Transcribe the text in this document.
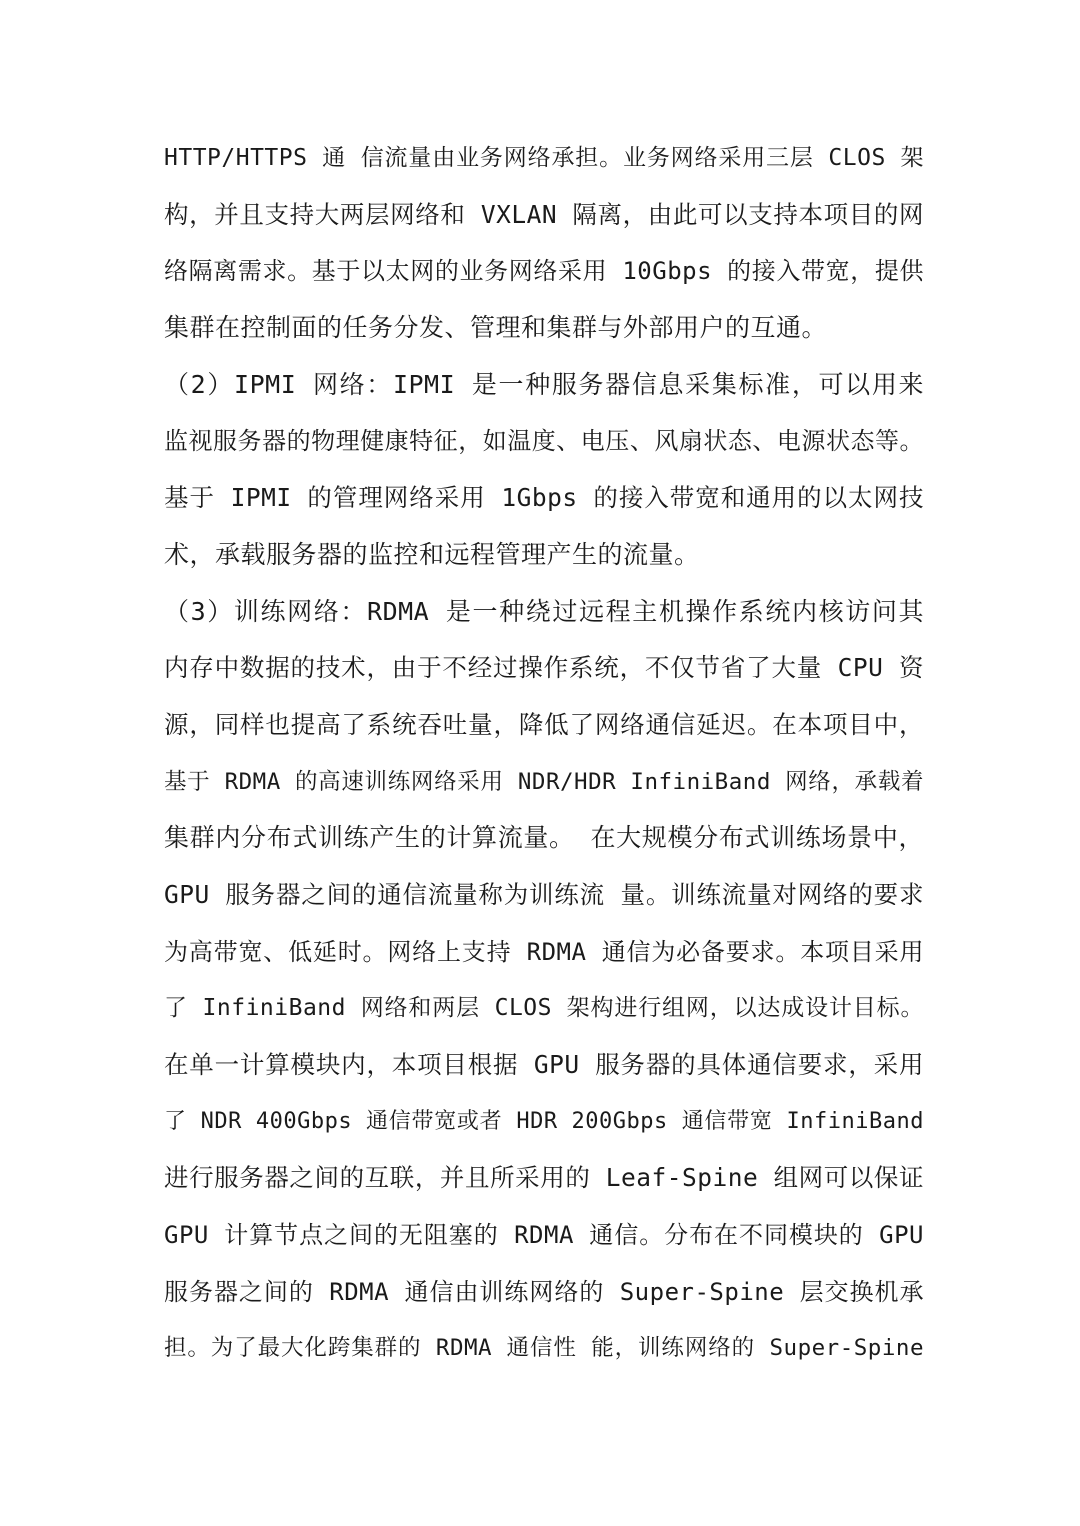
HTTP/HTTPS 通 信流量由业务网络承担。业务网络采用三层 CLOS 架
构，并且支持大两层网络和 VXLAN 隔离，由此可以支持本项目的网
络隔离需求。基于以太网的业务网络采用 10Gbps 的接入带宽，提供
集群在控制面的任务分发、管理和集群与外部用户的互通。
（2）IPMI 网络：IPMI 是一种服务器信息采集标准，可以用来
监视服务器的物理健康特征，如温度、电压、风扇状态、电源状态等。
基于 IPMI 的管理网络采用 1Gbps 的接入带宽和通用的以太网技
术，承载服务器的监控和远程管理产生的流量。
（3）训练网络：RDMA 是一种绕过远程主机操作系统内核访问其
内存中数据的技术，由于不经过操作系统，不仅节省了大量 CPU 资
源，同样也提高了系统吞吐量，降低了网络通信延迟。在本项目中，
基于 RDMA 的高速训练网络采用 NDR/HDR InfiniBand 网络，承载着
集群内分布式训练产生的计算流量。 在大规模分布式训练场景中，
GPU 服务器之间的通信流量称为训练流 量。训练流量对网络的要求
为高带宽、低延时。网络上支持 RDMA 通信为必备要求。本项目采用
了 InfiniBand 网络和两层 CLOS 架构进行组网，以达成设计目标。
在单一计算模块内，本项目根据 GPU 服务器的具体通信要求，采用
了 NDR 400Gbps 通信带宽或者 HDR 200Gbps 通信带宽 InfiniBand
进行服务器之间的互联，并且所采用的 Leaf-Spine 组网可以保证
GPU 计算节点之间的无阻塞的 RDMA 通信。分布在不同模块的 GPU
服务器之间的 RDMA 通信由训练网络的 Super-Spine 层交换机承
担。为了最大化跨集群的 RDMA 通信性 能，训练网络的 Super-Spine
